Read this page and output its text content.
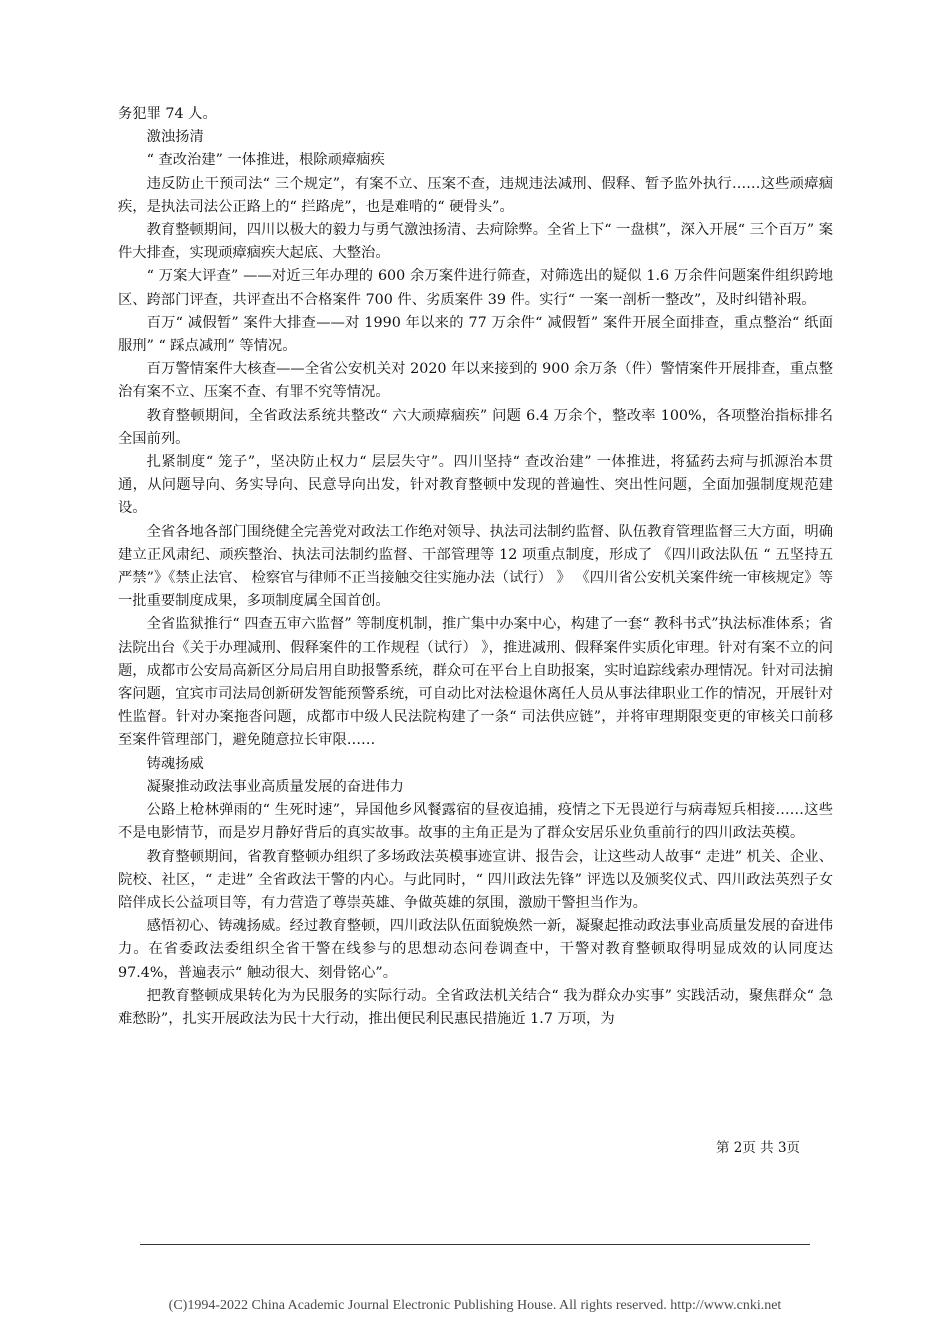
务犯罪 74 人。

激浊扬清

“ 查改治建” 一体推进，根除顽瘴痼疾

违反防止干预司法“ 三个规定”，有案不立、压案不查，违规违法减刑、假释、暂予监外执行……这些顽瘴痼疾，是执法司法公正路上的“ 拦路虎”，也是难啃的“ 硬骨头”。

教育整顿期间，四川以极大的毅力与勇气激浊扬清、去疴除弊。全省上下“ 一盘棋”，深入开展“ 三个百万” 案件大排查，实现顽瘴痼疾大起底、大整治。

“ 万案大评查” ——对近三年办理的 600 余万案件进行筛查，对筛选出的疑似 1.6 万余件问题案件组织跨地区、跨部门评查，共评查出不合格案件 700 件、劣质案件 39 件。实行“ 一案一剖析一整改”，及时纠错补瑕。

百万“ 减假暂” 案件大排查——对 1990 年以来的 77 万余件“ 减假暂” 案件开展全面排查，重点整治“ 纸面服刑” “ 踩点减刑” 等情况。

百万警情案件大核查——全省公安机关对 2020 年以来接到的 900 余万条（件）警情案件开展排查，重点整治有案不立、压案不查、有罪不究等情况。

教育整顿期间，全省政法系统共整改“ 六大顽瘴痼疾” 问题 6.4 万余个，整改率 100%，各项整治指标排名全国前列。

扎紧制度“ 笼子”，坚决防止权力“ 层层失守”。四川坚持“ 查改治建” 一体推进，将猛药去疴与抓源治本贯通，从问题导向、务实导向、民意导向出发，针对教育整顿中发现的普遍性、突出性问题，全面加强制度规范建设。

全省各地各部门围绕健全完善党对政法工作绝对领导、执法司法制约监督、队伍教育管理监督三大方面，明确建立正风肃纪、顽疾整治、执法司法制约监督、干部管理等 12 项重点制度，形成了 《四川政法队伍 “ 五坚持五严禁”》《禁止法官、 检察官与律师不正当接触交往实施办法（试行） 》 《四川省公安机关案件统一审核规定》等一批重要制度成果，多项制度属全国首创。

全省监狱推行“ 四查五审六监督” 等制度机制，推广集中办案中心，构建了一套“ 教科书式”执法标准体系；省法院出台《关于办理减刑、假释案件的工作规程（试行） 》，推进减刑、假释案件实质化审理。针对有案不立的问题，成都市公安局高新区分局启用自助报警系统，群众可在平台上自助报案，实时追踪线索办理情况。针对司法掮客问题，宜宾市司法局创新研发智能预警系统，可自动比对法检退休离任人员从事法律职业工作的情况，开展针对性监督。针对办案拖沓问题，成都市中级人民法院构建了一条“ 司法供应链”，并将审理期限变更的审核关口前移至案件管理部门，避免随意拉长审限……

铸魂扬威

凝聚推动政法事业高质量发展的奋进伟力

公路上枪林弹雨的“ 生死时速”，异国他乡风餐露宿的昼夜追捕，疫情之下无畏逆行与病毒短兵相接……这些不是电影情节，而是岁月静好背后的真实故事。故事的主角正是为了群众安居乐业负重前行的四川政法英模。

教育整顿期间，省教育整顿办组织了多场政法英模事迹宣讲、报告会，让这些动人故事“ 走进” 机关、企业、院校、社区，“ 走进” 全省政法干警的内心。与此同时，“ 四川政法先锋” 评选以及颁奖仪式、四川政法英烈子女陪伴成长公益项目等，有力营造了尊崇英雄、争做英雄的氛围，激励干警担当作为。

感悟初心、铸魂扬威。经过教育整顿，四川政法队伍面貌焕然一新，凝聚起推动政法事业高质量发展的奋进伟力。在省委政法委组织全省干警在线参与的思想动态问卷调查中，干警对教育整顿取得明显成效的认同度达 97.4%，普遍表示“ 触动很大、刻骨铭心”。

把教育整顿成果转化为为民服务的实际行动。全省政法机关结合“ 我为群众办实事” 实践活动，聚焦群众“ 急难愁盼”，扎实开展政法为民十大行动，推出便民利民惠民措施近 1.7 万项，为

第 2页 共 3页
(C)1994-2022 China Academic Journal Electronic Publishing House. All rights reserved. http://www.cnki.net
